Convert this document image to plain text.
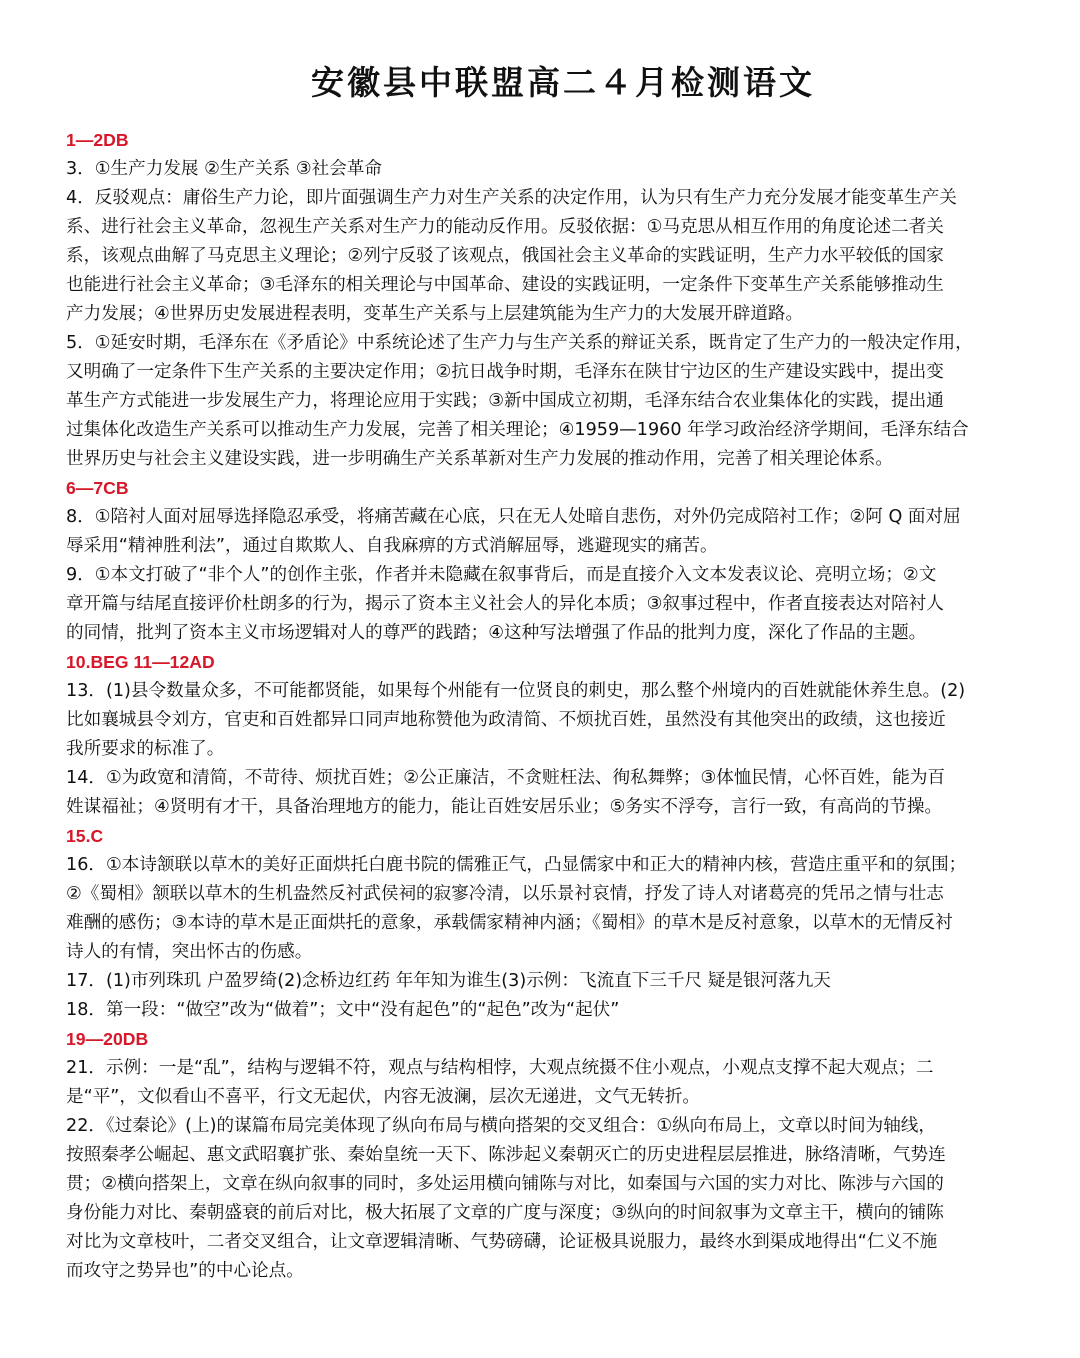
安徽县中联盟高二４月检测语文
1—2DB
3．①生产力发展 ②生产关系 ③社会革命
4．反驳观点：庸俗生产力论，即片面强调生产力对生产关系的决定作用，认为只有生产力充分发展才能变革生产关
系、进行社会主义革命，忽视生产关系对生产力的能动反作用。反驳依据：①马克思从相互作用的角度论述二者关
系，该观点曲解了马克思主义理论；②列宁反驳了该观点，俄国社会主义革命的实践证明，生产力水平较低的国家
也能进行社会主义革命；③毛泽东的相关理论与中国革命、建设的实践证明，一定条件下变革生产关系能够推动生
产力发展；④世界历史发展进程表明，变革生产关系与上层建筑能为生产力的大发展开辟道路。
5．①延安时期，毛泽东在《矛盾论》中系统论述了生产力与生产关系的辩证关系，既肯定了生产力的一般决定作用，
又明确了一定条件下生产关系的主要决定作用；②抗日战争时期，毛泽东在陕甘宁边区的生产建设实践中，提出变
革生产方式能进一步发展生产力，将理论应用于实践；③新中国成立初期，毛泽东结合农业集体化的实践，提出通
过集体化改造生产关系可以推动生产力发展，完善了相关理论；④1959—1960 年学习政治经济学期间，毛泽东结合
世界历史与社会主义建设实践，进一步明确生产关系革新对生产力发展的推动作用，完善了相关理论体系。
6—7CB
8．①陪衬人面对屈辱选择隐忍承受，将痛苦藏在心底，只在无人处暗自悲伤，对外仍完成陪衬工作；②阿 Q 面对屈
辱采用“精神胜利法”，通过自欺欺人、自我麻痹的方式消解屈辱，逃避现实的痛苦。
9．①本文打破了“非个人”的创作主张，作者并未隐藏在叙事背后，而是直接介入文本发表议论、亮明立场；②文
章开篇与结尾直接评价杜朗多的行为，揭示了资本主义社会人的异化本质；③叙事过程中，作者直接表达对陪衬人
的同情，批判了资本主义市场逻辑对人的尊严的践踏；④这种写法增强了作品的批判力度，深化了作品的主题。
10.BEG 11—12AD
13．(1)县令数量众多，不可能都贤能，如果每个州能有一位贤良的刺史，那么整个州境内的百姓就能休养生息。(2)
比如襄城县令刘方，官吏和百姓都异口同声地称赞他为政清简、不烦扰百姓，虽然没有其他突出的政绩，这也接近
我所要求的标准了。
14．①为政宽和清简，不苛待、烦扰百姓；②公正廉洁，不贪赃枉法、徇私舞弊；③体恤民情，心怀百姓，能为百
姓谋福祉；④贤明有才干，具备治理地方的能力，能让百姓安居乐业；⑤务实不浮夸，言行一致，有高尚的节操。
15.C
16．①本诗颔联以草木的美好正面烘托白鹿书院的儒雅正气，凸显儒家中和正大的精神内核，营造庄重平和的氛围；
②《蜀相》颔联以草木的生机盎然反衬武侯祠的寂寥冷清，以乐景衬哀情，抒发了诗人对诸葛亮的凭吊之情与壮志
难酬的感伤；③本诗的草木是正面烘托的意象，承载儒家精神内涵；《蜀相》的草木是反衬意象，以草木的无情反衬
诗人的有情，突出怀古的伤感。
17．(1)市列珠玑 户盈罗绮(2)念桥边红药 年年知为谁生(3)示例：飞流直下三千尺 疑是银河落九天
18．第一段：“做空”改为“做着”；文中“没有起色”的“起色”改为“起伏”
19—20DB
21．示例：一是“乱”，结构与逻辑不符，观点与结构相悖，大观点统摄不住小观点，小观点支撑不起大观点；二
是“平”，文似看山不喜平，行文无起伏，内容无波澜，层次无递进，文气无转折。
22．《过秦论》(上)的谋篇布局完美体现了纵向布局与横向搭架的交叉组合：①纵向布局上，文章以时间为轴线，
按照秦孝公崛起、惠文武昭襄扩张、秦始皇统一天下、陈涉起义秦朝灭亡的历史进程层层推进，脉络清晰，气势连
贯；②横向搭架上，文章在纵向叙事的同时，多处运用横向铺陈与对比，如秦国与六国的实力对比、陈涉与六国的
身份能力对比、秦朝盛衰的前后对比，极大拓展了文章的广度与深度；③纵向的时间叙事为文章主干，横向的铺陈
对比为文章枝叶，二者交叉组合，让文章逻辑清晰、气势磅礴，论证极具说服力，最终水到渠成地得出“仁义不施
而攻守之势异也”的中心论点。
